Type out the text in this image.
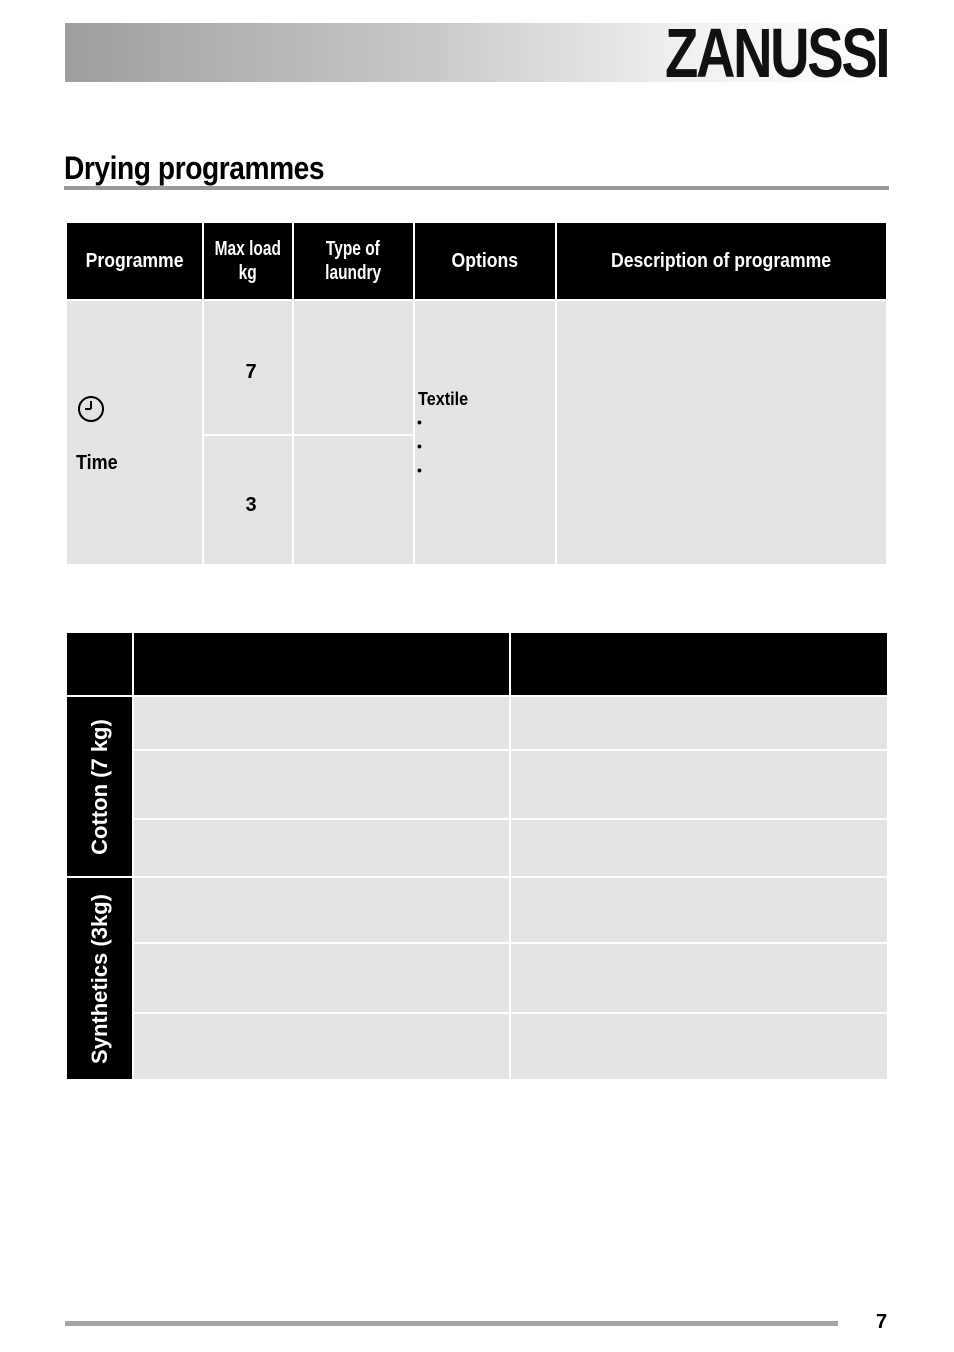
ZANUSSI
Drying programmes
Programme
Max load
kg
Type of
laundry
Options	Description of programme
Time
7
3
Textile
•
•
•
Cotton (7 kg)
Synthetics (3kg)
7
